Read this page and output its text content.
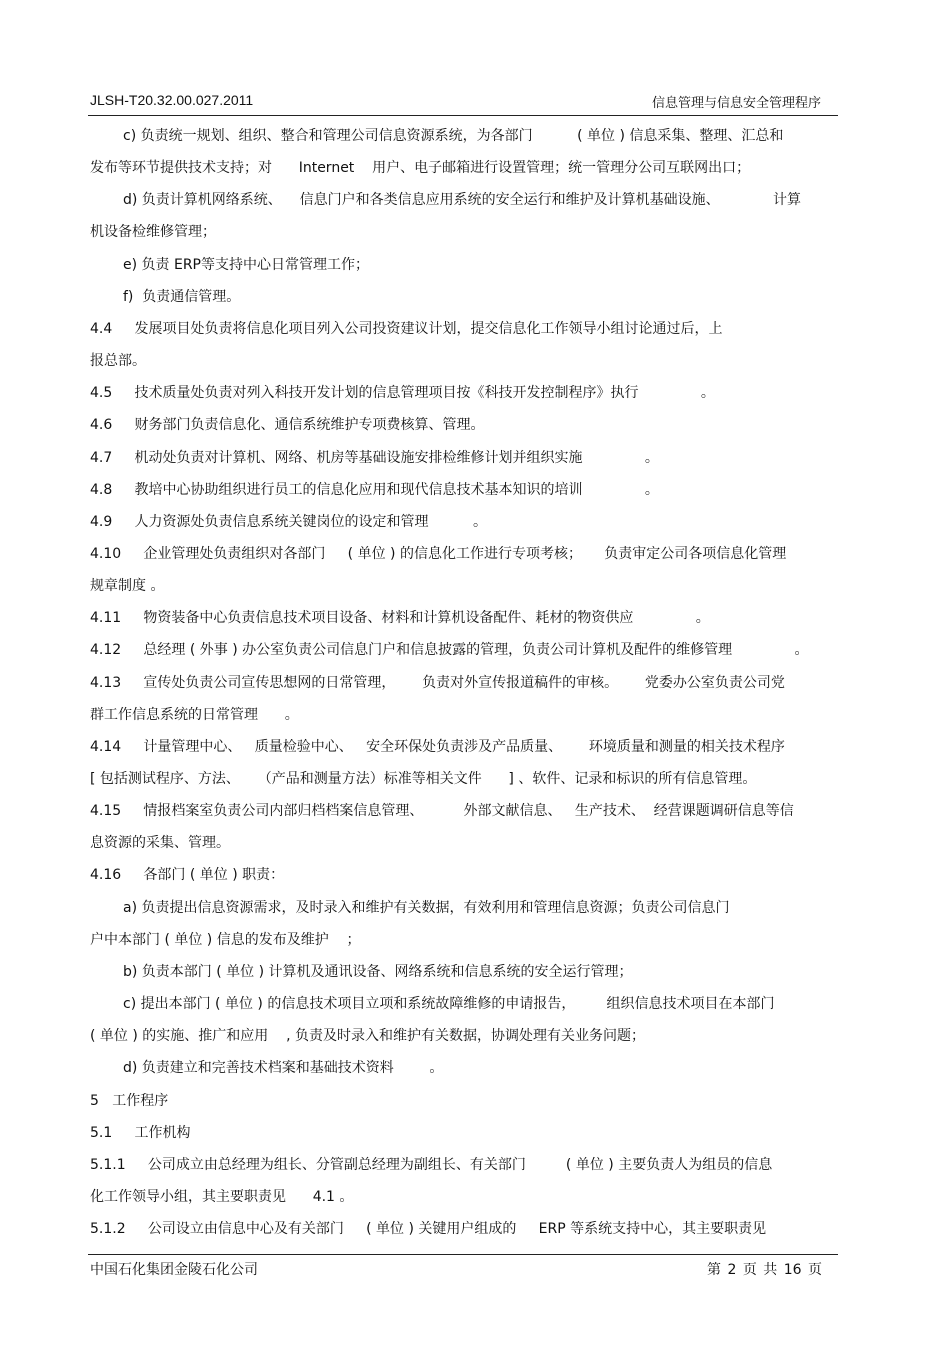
JLSH-T20.32.00.027.2011	信息管理与信息安全管理程序
c) 负责统一规划、组织、整合和管理公司信息资源系统，为各部门          ( 单位 ) 信息采集、整理、汇总和
发布等环节提供技术支持；对      Internet    用户、电子邮箱进行设置管理；统一管理分公司互联网出口；
d) 负责计算机网络系统、    信息门户和各类信息应用系统的安全运行和维护及计算机基础设施、            计算
机设备检维修管理；
e) 负责 ERP等支持中心日常管理工作；
f)  负责通信管理。
4.4     发展项目处负责将信息化项目列入公司投资建议计划，提交信息化工作领导小组讨论通过后，上
报总部。
4.5     技术质量处负责对列入科技开发计划的信息管理项目按《科技开发控制程序》执行              。
4.6     财务部门负责信息化、通信系统维护专项费核算、管理。
4.7     机动处负责对计算机、网络、机房等基础设施安排检维修计划并组织实施              。
4.8     教培中心协助组织进行员工的信息化应用和现代信息技术基本知识的培训              。
4.9     人力资源处负责信息系统关键岗位的设定和管理          。
4.10     企业管理处负责组织对各部门     ( 单位 ) 的信息化工作进行专项考核；     负责审定公司各项信息化管理
规章制度 。
4.11     物资装备中心负责信息技术项目设备、材料和计算机设备配件、耗材的物资供应              。
4.12     总经理 ( 外事 ) 办公室负责公司信息门户和信息披露的管理，负责公司计算机及配件的维修管理              。
4.13     宣传处负责公司宣传思想网的日常管理，      负责对外宣传报道稿件的审核。      党委办公室负责公司党
群工作信息系统的日常管理      。
4.14     计量管理中心、   质量检验中心、   安全环保处负责涉及产品质量、      环境质量和测量的相关技术程序
[ 包括测试程序、方法、    （产品和测量方法）标准等相关文件      ] 、软件、记录和标识的所有信息管理。
4.15     情报档案室负责公司内部归档档案信息管理、         外部文献信息、   生产技术、  经营课题调研信息等信
息资源的采集、管理。
4.16     各部门 ( 单位 ) 职责：
a) 负责提出信息资源需求，及时录入和维护有关数据，有效利用和管理信息资源；负责公司信息门
户中本部门 ( 单位 ) 信息的发布及维护    ；
b) 负责本部门 ( 单位 ) 计算机及通讯设备、网络系统和信息系统的安全运行管理；
c) 提出本部门 ( 单位 ) 的信息技术项目立项和系统故障维修的申请报告，       组织信息技术项目在本部门
( 单位 ) 的实施、推广和应用    , 负责及时录入和维护有关数据，协调处理有关业务问题；
d) 负责建立和完善技术档案和基础技术资料        。
5   工作程序
5.1     工作机构
5.1.1     公司成立由总经理为组长、分管副总经理为副组长、有关部门         ( 单位 ) 主要负责人为组员的信息
化工作领导小组，其主要职责见      4.1 。
5.1.2     公司设立由信息中心及有关部门     ( 单位 ) 关键用户组成的     ERP 等系统支持中心，其主要职责见
中国石化集团金陵石化公司	第 2 页 共 16 页
